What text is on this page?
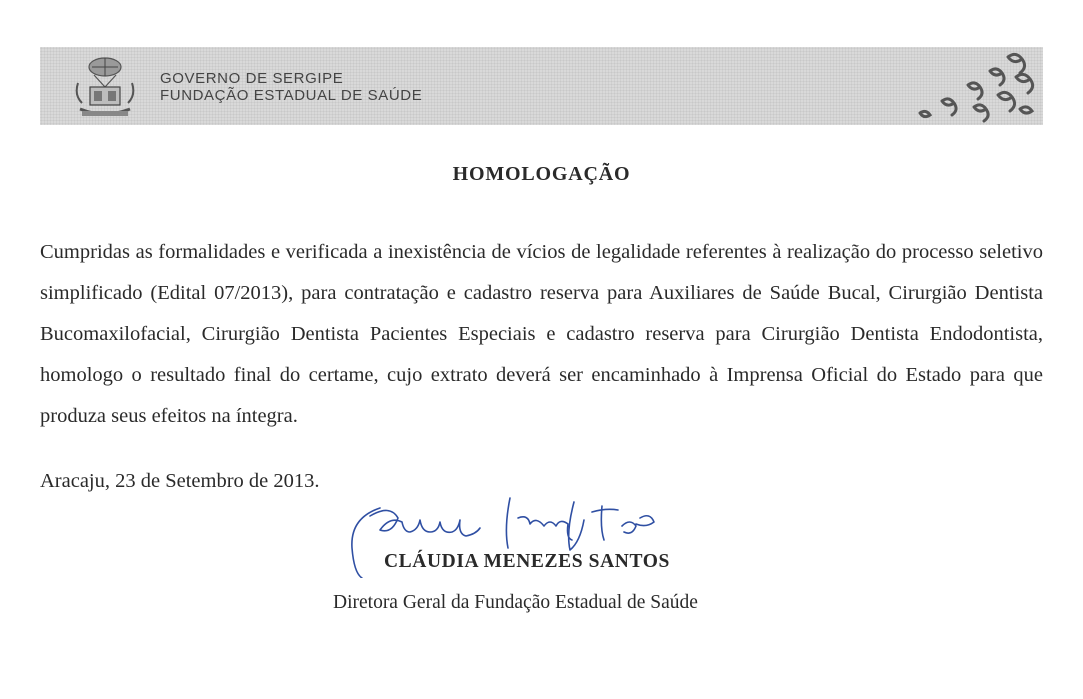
GOVERNO DE SERGIPE
FUNDAÇÃO ESTADUAL DE SAÚDE
HOMOLOGAÇÃO
Cumpridas as formalidades e verificada a inexistência de vícios de legalidade referentes à realização do processo seletivo simplificado (Edital 07/2013), para contratação e cadastro reserva para Auxiliares de Saúde Bucal, Cirurgião Dentista Bucomaxilofacial, Cirurgião Dentista Pacientes Especiais e cadastro reserva para Cirurgião Dentista Endodontista, homologo o resultado final do certame, cujo extrato deverá ser encaminhado à Imprensa Oficial do Estado para que produza seus efeitos na íntegra.
Aracaju, 23 de Setembro de 2013.
CLÁUDIA MENEZES SANTOS
Diretora Geral da Fundação Estadual de Saúde
